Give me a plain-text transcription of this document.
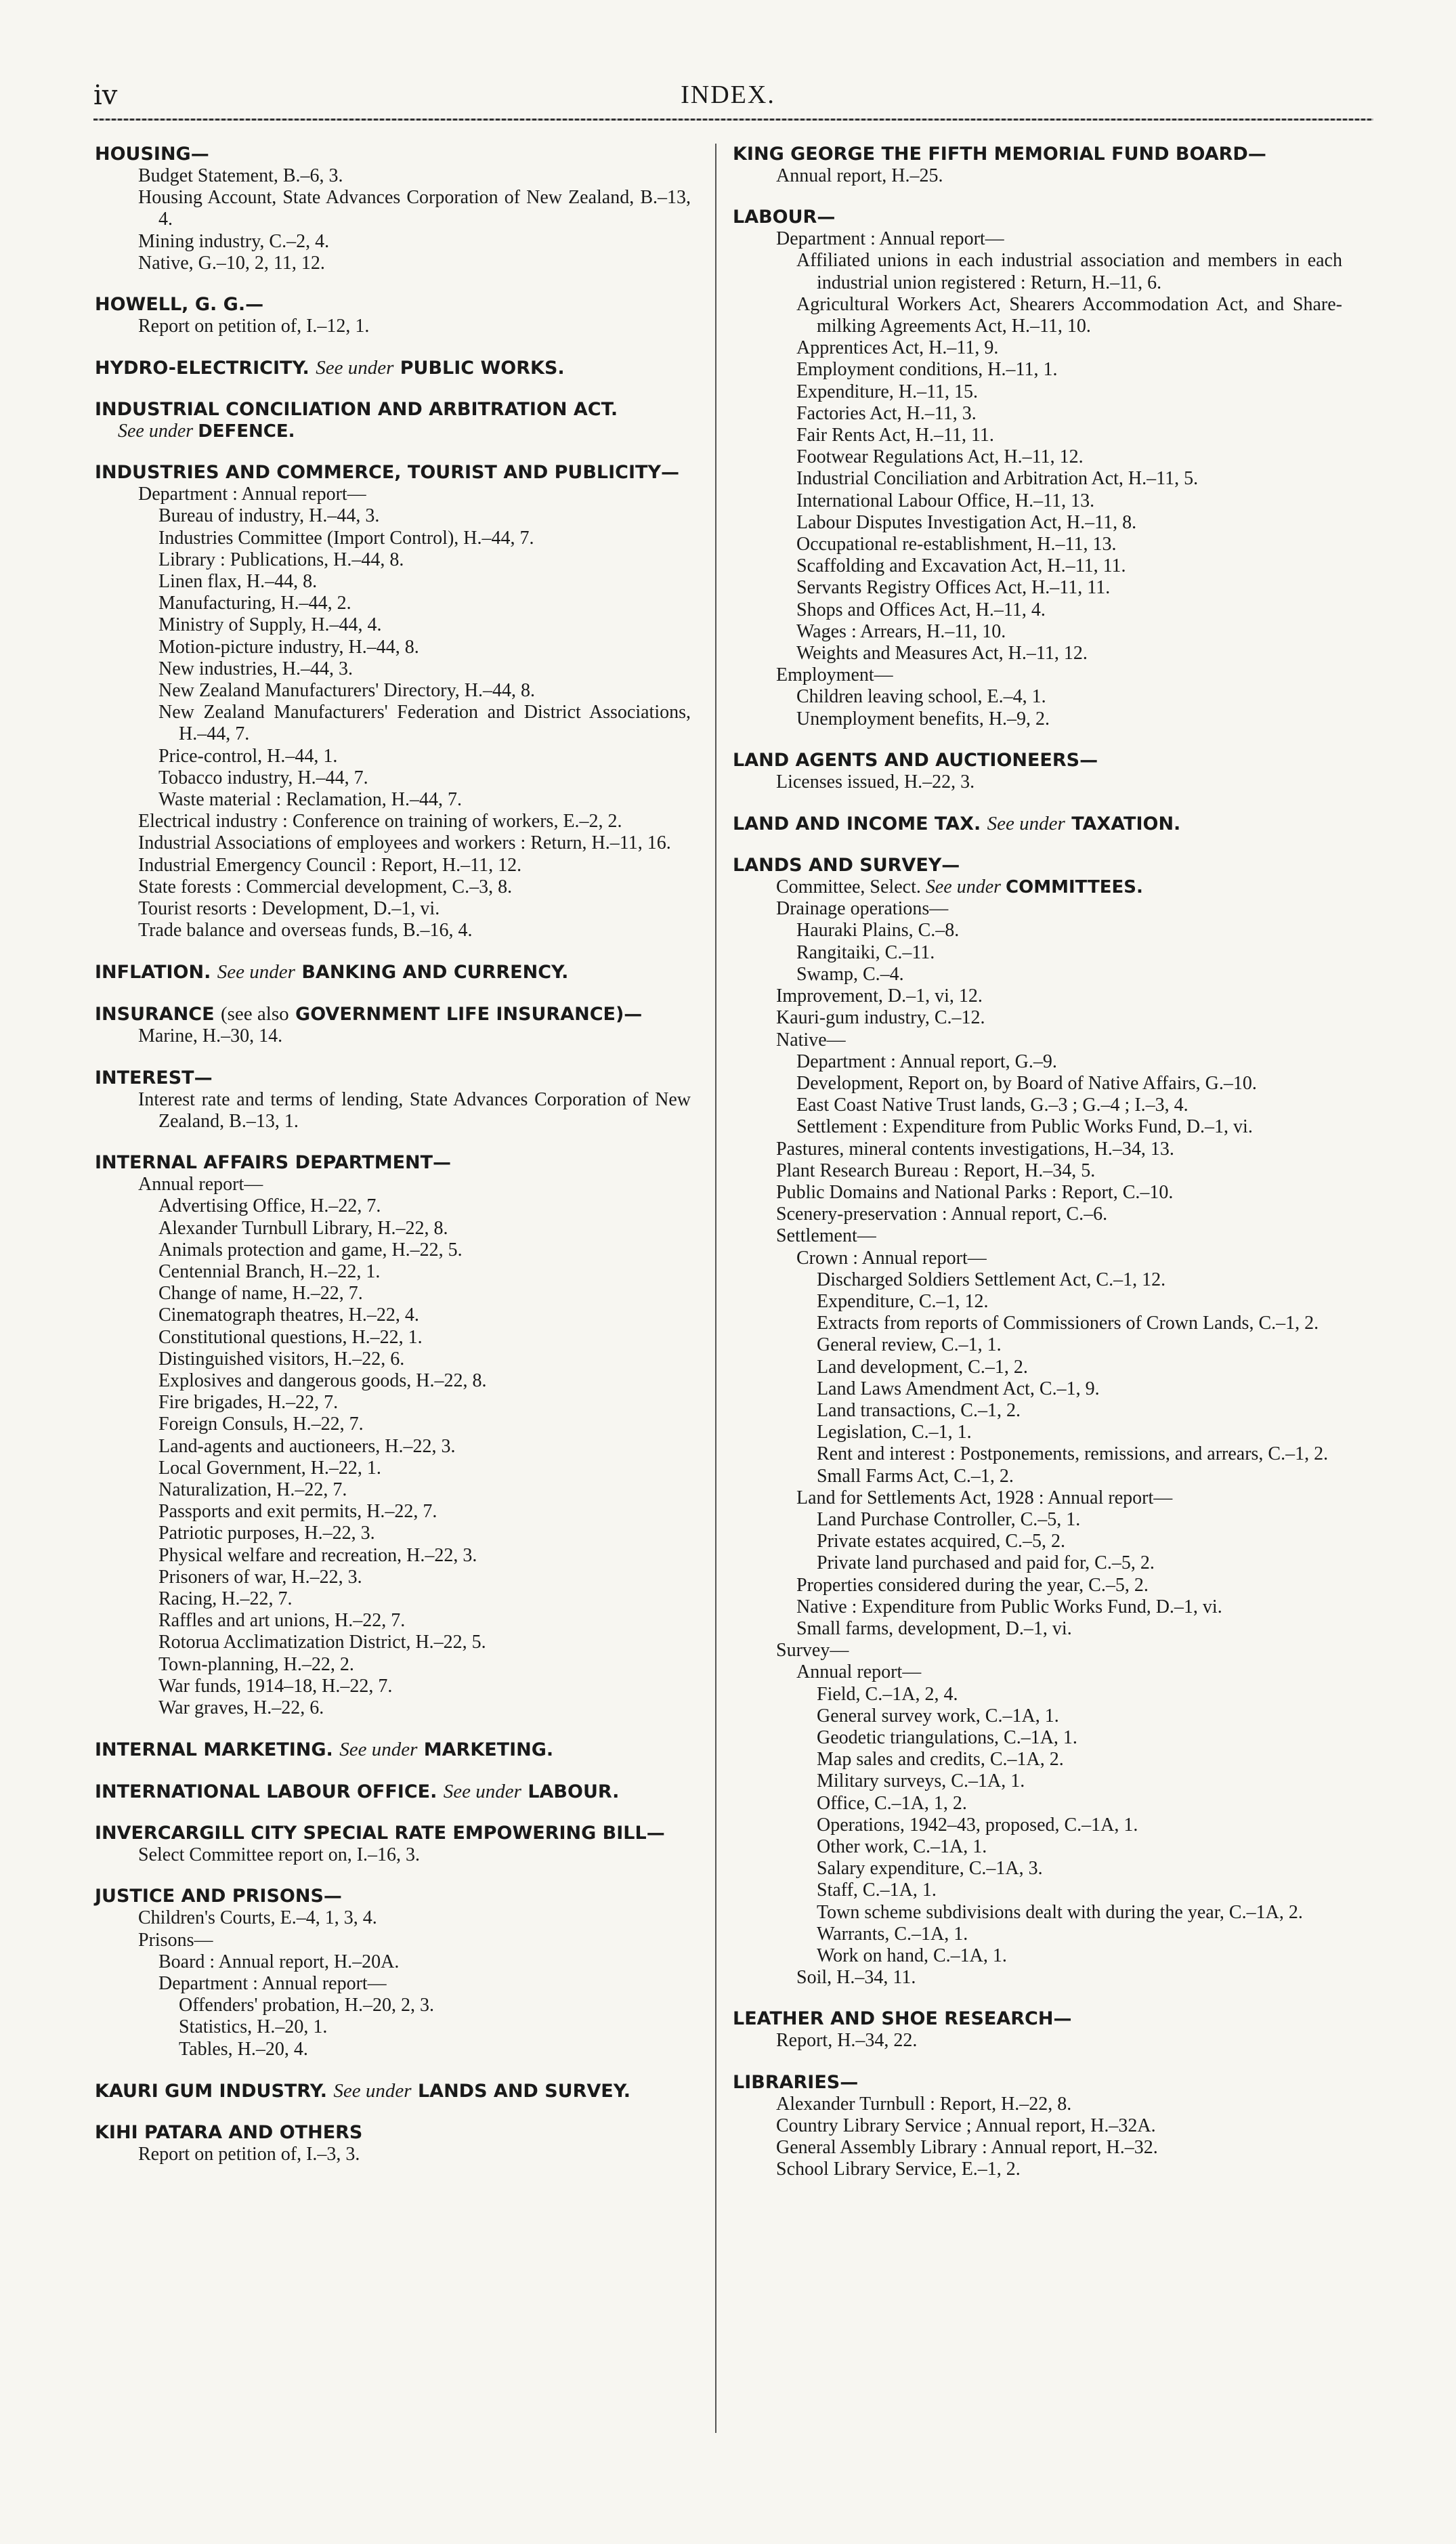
iv	INDEX.
HOUSING—
Budget Statement, B.–6, 3.
Housing Account, State Advances Corporation of New Zealand, B.–13, 4.
Mining industry, C.–2, 4.
Native, G.–10, 2, 11, 12.
HOWELL, G. G.—
Report on petition of, I.–12, 1.
HYDRO-ELECTRICITY. See under PUBLIC WORKS.
INDUSTRIAL CONCILIATION AND ARBITRATION ACT.
See under DEFENCE.
INDUSTRIES AND COMMERCE, TOURIST AND PUBLICITY—
Department : Annual report—
Bureau of industry, H.–44, 3.
Industries Committee (Import Control), H.–44, 7.
Library : Publications, H.–44, 8.
Linen flax, H.–44, 8.
Manufacturing, H.–44, 2.
Ministry of Supply, H.–44, 4.
Motion-picture industry, H.–44, 8.
New industries, H.–44, 3.
New Zealand Manufacturers' Directory, H.–44, 8.
New Zealand Manufacturers' Federation and District Associations, H.–44, 7.
Price-control, H.–44, 1.
Tobacco industry, H.–44, 7.
Waste material : Reclamation, H.–44, 7.
Electrical industry : Conference on training of workers, E.–2, 2.
Industrial Associations of employees and workers : Return, H.–11, 16.
Industrial Emergency Council : Report, H.–11, 12.
State forests : Commercial development, C.–3, 8.
Tourist resorts : Development, D.–1, vi.
Trade balance and overseas funds, B.–16, 4.
INFLATION. See under BANKING AND CURRENCY.
INSURANCE (see also GOVERNMENT LIFE INSURANCE)—
Marine, H.–30, 14.
INTEREST—
Interest rate and terms of lending, State Advances Corporation of New Zealand, B.–13, 1.
INTERNAL AFFAIRS DEPARTMENT—
Annual report—
Advertising Office, H.–22, 7.
Alexander Turnbull Library, H.–22, 8.
Animals protection and game, H.–22, 5.
Centennial Branch, H.–22, 1.
Change of name, H.–22, 7.
Cinematograph theatres, H.–22, 4.
Constitutional questions, H.–22, 1.
Distinguished visitors, H.–22, 6.
Explosives and dangerous goods, H.–22, 8.
Fire brigades, H.–22, 7.
Foreign Consuls, H.–22, 7.
Land-agents and auctioneers, H.–22, 3.
Local Government, H.–22, 1.
Naturalization, H.–22, 7.
Passports and exit permits, H.–22, 7.
Patriotic purposes, H.–22, 3.
Physical welfare and recreation, H.–22, 3.
Prisoners of war, H.–22, 3.
Racing, H.–22, 7.
Raffles and art unions, H.–22, 7.
Rotorua Acclimatization District, H.–22, 5.
Town-planning, H.–22, 2.
War funds, 1914–18, H.–22, 7.
War graves, H.–22, 6.
INTERNAL MARKETING. See under MARKETING.
INTERNATIONAL LABOUR OFFICE. See under LABOUR.
INVERCARGILL CITY SPECIAL RATE EMPOWERING BILL—
Select Committee report on, I.–16, 3.
JUSTICE AND PRISONS—
Children's Courts, E.–4, 1, 3, 4.
Prisons—
Board : Annual report, H.–20A.
Department : Annual report—
Offenders' probation, H.–20, 2, 3.
Statistics, H.–20, 1.
Tables, H.–20, 4.
KAURI GUM INDUSTRY. See under LANDS AND SURVEY.
KIHI PATARA AND OTHERS
Report on petition of, I.–3, 3.
KING GEORGE THE FIFTH MEMORIAL FUND BOARD—
Annual report, H.–25.
LABOUR—
Department : Annual report—
Affiliated unions in each industrial association and members in each industrial union registered : Return, H.–11, 6.
Agricultural Workers Act, Shearers Accommodation Act, and Share-milking Agreements Act, H.–11, 10.
Apprentices Act, H.–11, 9.
Employment conditions, H.–11, 1.
Expenditure, H.–11, 15.
Factories Act, H.–11, 3.
Fair Rents Act, H.–11, 11.
Footwear Regulations Act, H.–11, 12.
Industrial Conciliation and Arbitration Act, H.–11, 5.
International Labour Office, H.–11, 13.
Labour Disputes Investigation Act, H.–11, 8.
Occupational re-establishment, H.–11, 13.
Scaffolding and Excavation Act, H.–11, 11.
Servants Registry Offices Act, H.–11, 11.
Shops and Offices Act, H.–11, 4.
Wages : Arrears, H.–11, 10.
Weights and Measures Act, H.–11, 12.
Employment—
Children leaving school, E.–4, 1.
Unemployment benefits, H.–9, 2.
LAND AGENTS AND AUCTIONEERS—
Licenses issued, H.–22, 3.
LAND AND INCOME TAX. See under TAXATION.
LANDS AND SURVEY—
Committee, Select. See under COMMITTEES.
Drainage operations—
Hauraki Plains, C.–8.
Rangitaiki, C.–11.
Swamp, C.–4.
Improvement, D.–1, vi, 12.
Kauri-gum industry, C.–12.
Native—
Department : Annual report, G.–9.
Development, Report on, by Board of Native Affairs, G.–10.
East Coast Native Trust lands, G.–3 ; G.–4 ; I.–3, 4.
Settlement : Expenditure from Public Works Fund, D.–1, vi.
Pastures, mineral contents investigations, H.–34, 13.
Plant Research Bureau : Report, H.–34, 5.
Public Domains and National Parks : Report, C.–10.
Scenery-preservation : Annual report, C.–6.
Settlement—
Crown : Annual report—
Discharged Soldiers Settlement Act, C.–1, 12.
Expenditure, C.–1, 12.
Extracts from reports of Commissioners of Crown Lands, C.–1, 2.
General review, C.–1, 1.
Land development, C.–1, 2.
Land Laws Amendment Act, C.–1, 9.
Land transactions, C.–1, 2.
Legislation, C.–1, 1.
Rent and interest : Postponements, remissions, and arrears, C.–1, 2.
Small Farms Act, C.–1, 2.
Land for Settlements Act, 1928 : Annual report—
Land Purchase Controller, C.–5, 1.
Private estates acquired, C.–5, 2.
Private land purchased and paid for, C.–5, 2.
Properties considered during the year, C.–5, 2.
Native : Expenditure from Public Works Fund, D.–1, vi.
Small farms, development, D.–1, vi.
Survey—
Annual report—
Field, C.–1A, 2, 4.
General survey work, C.–1A, 1.
Geodetic triangulations, C.–1A, 1.
Map sales and credits, C.–1A, 2.
Military surveys, C.–1A, 1.
Office, C.–1A, 1, 2.
Operations, 1942–43, proposed, C.–1A, 1.
Other work, C.–1A, 1.
Salary expenditure, C.–1A, 3.
Staff, C.–1A, 1.
Town scheme subdivisions dealt with during the year, C.–1A, 2.
Warrants, C.–1A, 1.
Work on hand, C.–1A, 1.
Soil, H.–34, 11.
LEATHER AND SHOE RESEARCH—
Report, H.–34, 22.
LIBRARIES—
Alexander Turnbull : Report, H.–22, 8.
Country Library Service ; Annual report, H.–32A.
General Assembly Library : Annual report, H.–32.
School Library Service, E.–1, 2.
